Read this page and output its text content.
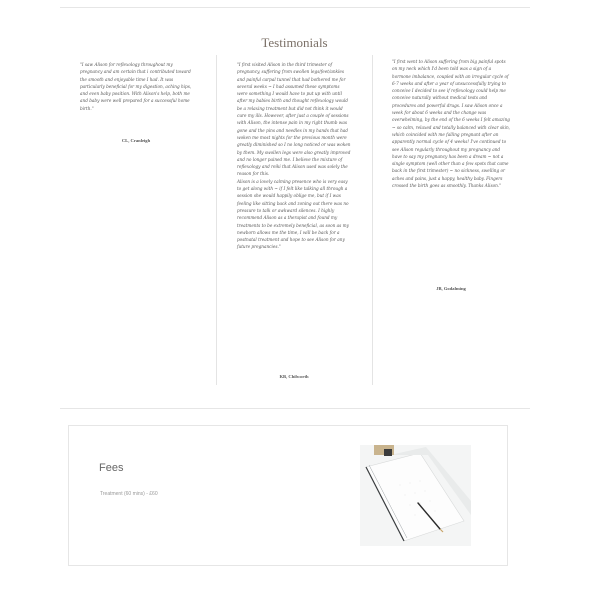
Testimonials

"I saw Alison for reflexology throughout my pregnancy and am certain that i contributed toward the smooth and enjoyable time I had. It was particularly beneficial for my digestion, aching hips, and even baby position. With Alison's help, both me and baby were well prepared for a successful home birth."

CL, Cranleigh

"I first visited Alison in the third trimester of pregnancy, suffering from swollen legs/feet/ankles and painful carpal tunnel that had bothered me for several weeks ~ I had assumed these symptoms were something I would have to put up with until after my babies birth and thought reflexology would be a relaxing treatment but did not think it would cure my ills. However, after just a couple of sessions with Alison, the intense pain in my right thumb was gone and the pins and needles in my hands that had woken me most nights for the previous month were greatly diminished so I no long noticed or was woken by them. My swollen legs were also greatly improved and no longer pained me. I believe the mixture of reflexology and reiki that Alison used was solely the reason for this.

Alison is a lovely calming presence who is very easy to get along with ~ if I felt like talking all through a session she would happily oblige me, but if I was feeling like sitting back and zoning out there was no pressure to talk or awkward silences. I highly recommend Alison as a therapist and found my treatments to be extremely beneficial, as soon as my newborn allows me the time, I will be back for a postnatal treatment and hope to see Alison for any future pregnancies."

KB, Chilworth

"I first went to Alison suffering from big painful spots on my neck which I'd been told was a sign of a hormone imbalance, coupled with an irregular cycle of 6-7 weeks and after a year of unsuccessfully trying to conceive I decided to see if reflexology could help me conceive naturally without medical tests and procedures and powerful drugs. I saw Alison once a week for about 6 weeks and the change was overwhelming, by the end of the 6 weeks I felt amazing ~ so calm, relaxed and totally balanced with clear skin, which coincided with me falling pregnant after an apparently normal cycle of 4 weeks! I've continued to see Alison regularly throughout my pregnancy and have to say my pregnancy has been a dream ~ not a single symptom (well other than a few spots that came back in the first trimester) ~ no sickness, swelling or aches and pains, just a happy, healthy baby. Fingers crossed the birth goes as smoothly. Thanks Alison."

JB, Godalming
Fees
Treatment (60 mins) - £60
